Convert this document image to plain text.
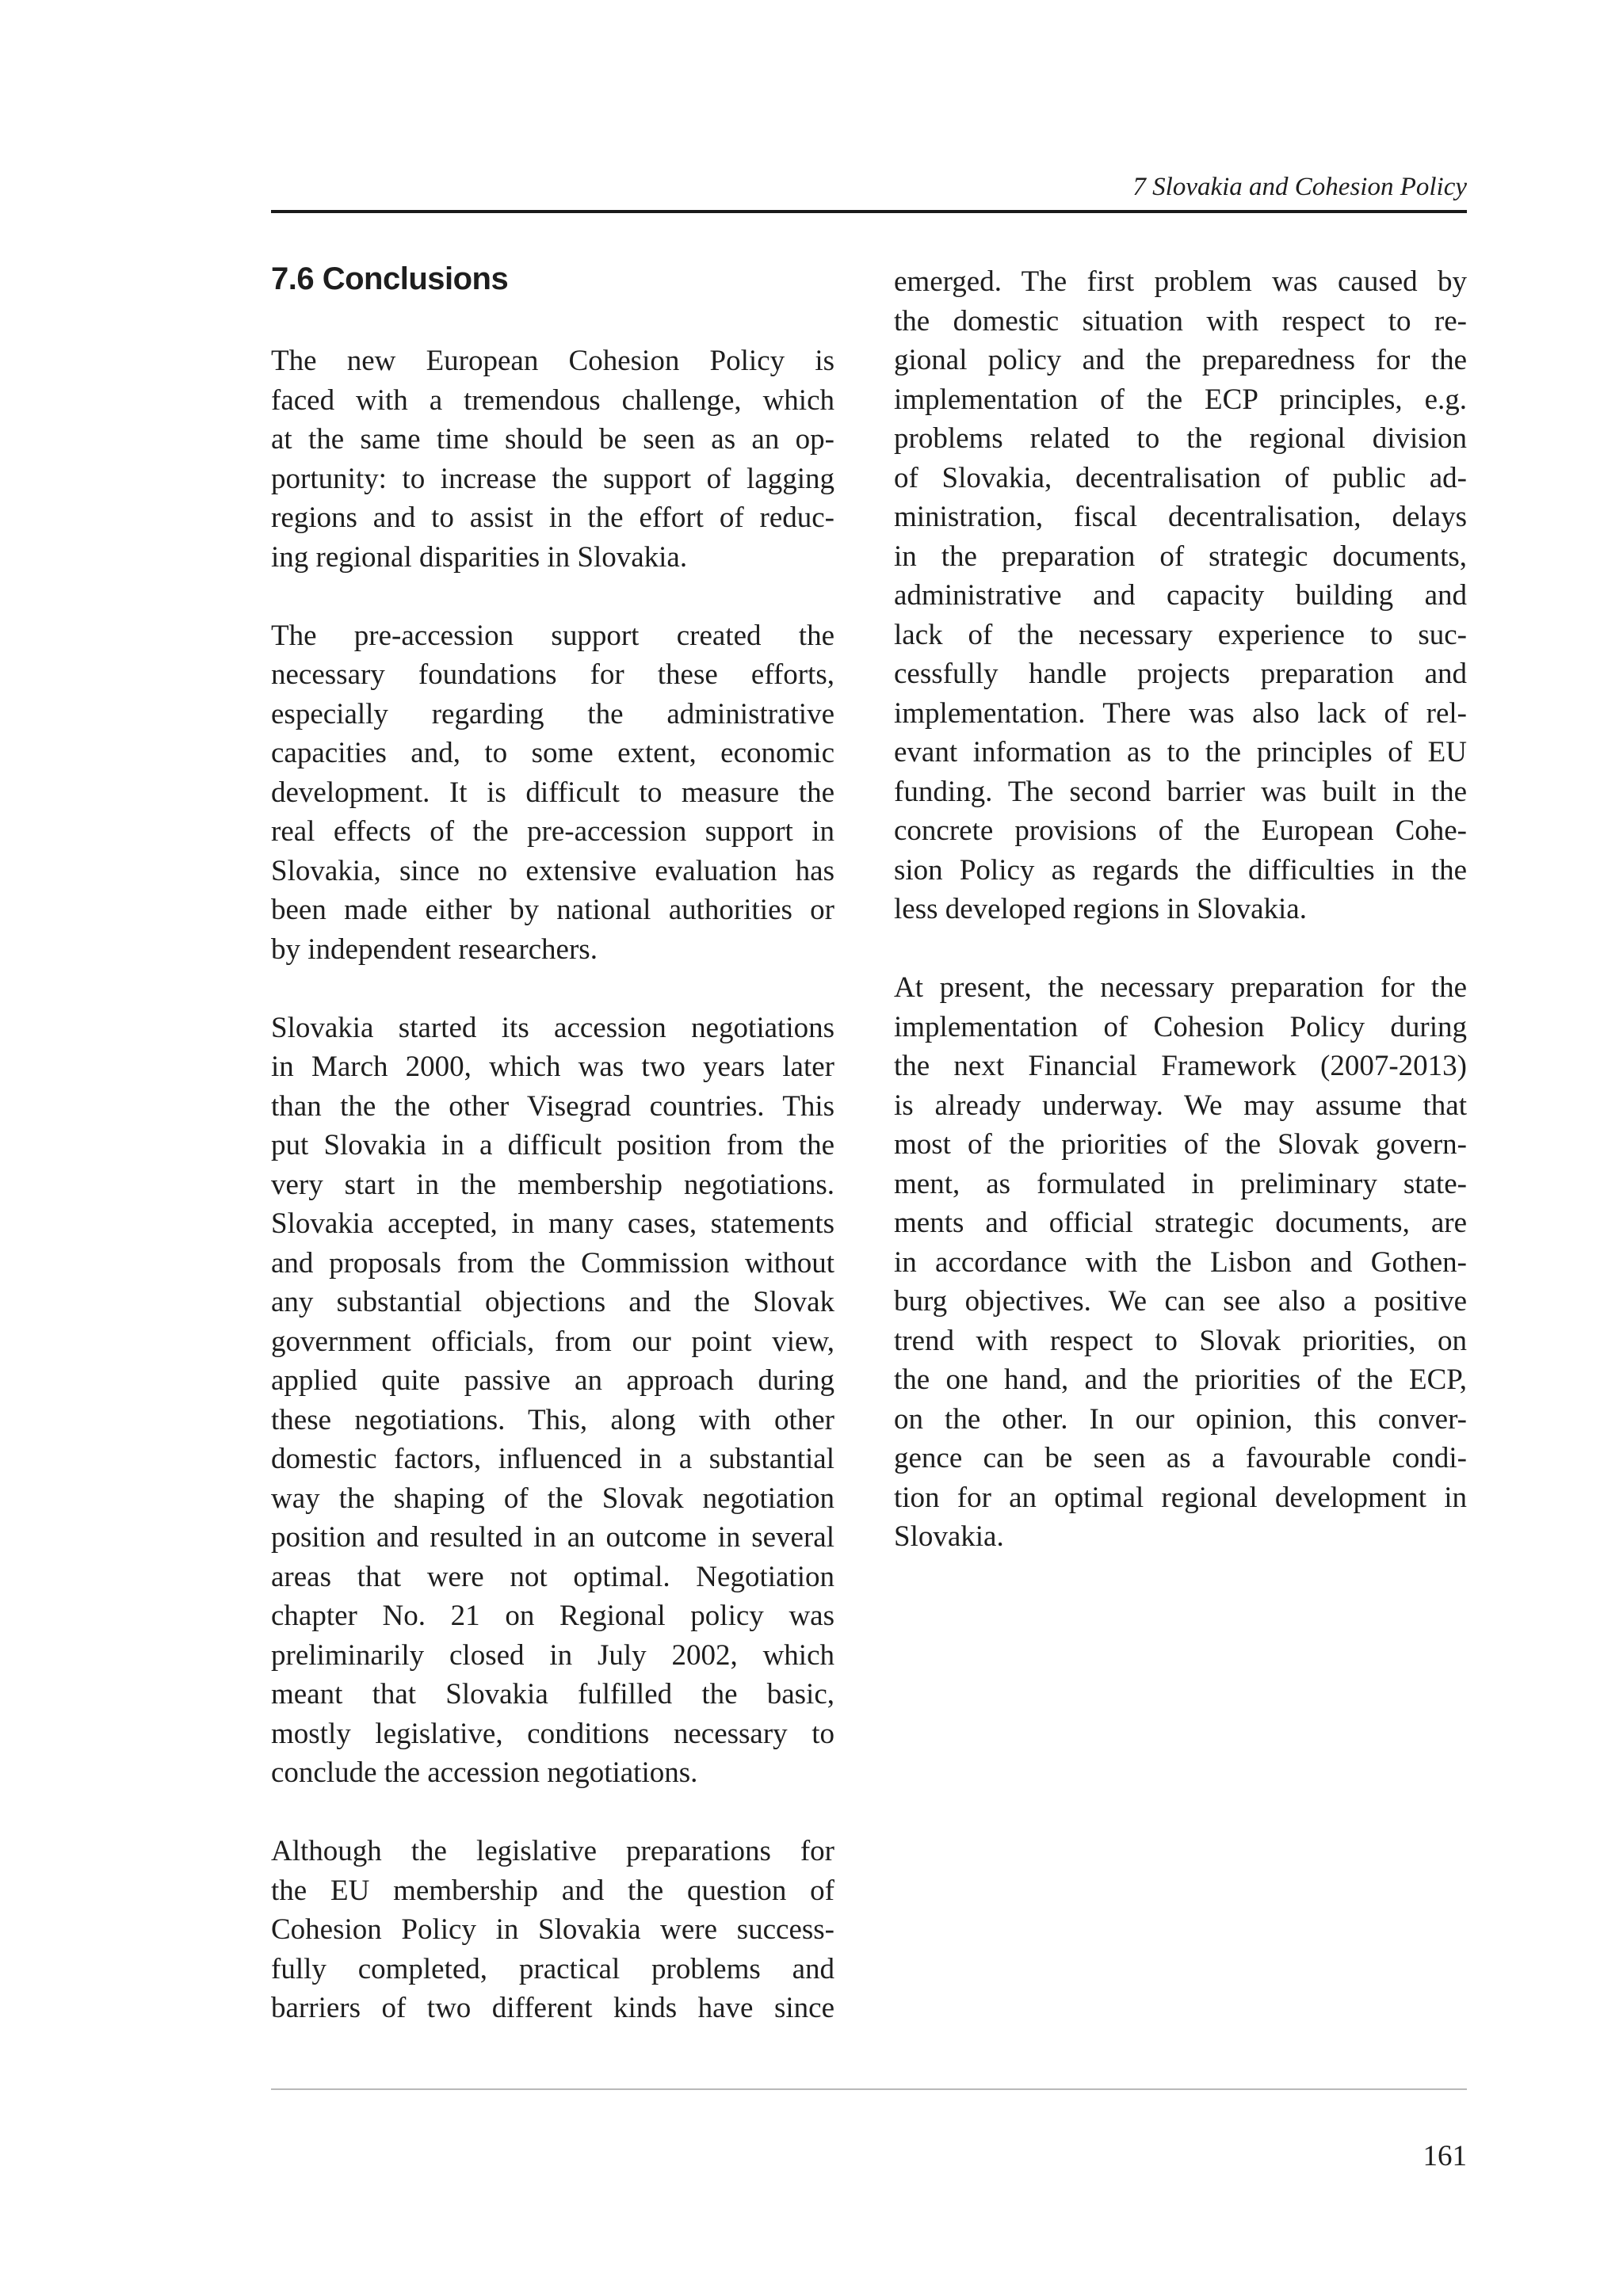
7 Slovakia and Cohesion Policy
7.6 Conclusions
The new European Cohesion Policy is
faced with a tremendous challenge, which
at the same time should be seen as an op-
portunity: to increase the support of lagging
regions and to assist in the effort of reduc-
ing regional disparities in Slovakia.
The pre-accession support created the
necessary foundations for these efforts,
especially regarding the administrative
capacities and, to some extent, economic
development. It is difficult to measure the
real effects of the pre-accession support in
Slovakia, since no extensive evaluation has
been made either by national authorities or
by independent researchers.
Slovakia started its accession negotiations
in March 2000, which was two years later
than the the other Visegrad countries. This
put Slovakia in a difficult position from the
very start in the membership negotiations.
Slovakia accepted, in many cases, statements
and proposals from the Commission without
any substantial objections and the Slovak
government officials, from our point view,
applied quite passive an approach during
these negotiations. This, along with other
domestic factors, influenced in a substantial
way the shaping of the Slovak negotiation
position and resulted in an outcome in several
areas that were not optimal. Negotiation
chapter No. 21 on Regional policy was
preliminarily closed in July 2002, which
meant that Slovakia fulfilled the basic,
mostly legislative, conditions necessary to
conclude the accession negotiations.
Although the legislative preparations for
the EU membership and the question of
Cohesion Policy in Slovakia were success-
fully completed, practical problems and
barriers of two different kinds have since
emerged. The first problem was caused by
the domestic situation with respect to re-
gional policy and the preparedness for the
implementation of the ECP principles, e.g.
problems related to the regional division
of Slovakia, decentralisation of public ad-
ministration, fiscal decentralisation, delays
in the preparation of strategic documents,
administrative and capacity building and
lack of the necessary experience to suc-
cessfully handle projects preparation and
implementation. There was also lack of rel-
evant information as to the principles of EU
funding. The second barrier was built in the
concrete provisions of the European Cohe-
sion Policy as regards the difficulties in the
less developed regions in Slovakia.
At present, the necessary preparation for the
implementation of Cohesion Policy during
the next Financial Framework (2007-2013)
is already underway. We may assume that
most of the priorities of the Slovak govern-
ment, as formulated in preliminary state-
ments and official strategic documents, are
in accordance with the Lisbon and Gothen-
burg objectives. We can see also a positive
trend with respect to Slovak priorities, on
the one hand, and the priorities of the ECP,
on the other. In our opinion, this conver-
gence can be seen as a favourable condi-
tion for an optimal regional development in
Slovakia.
161
